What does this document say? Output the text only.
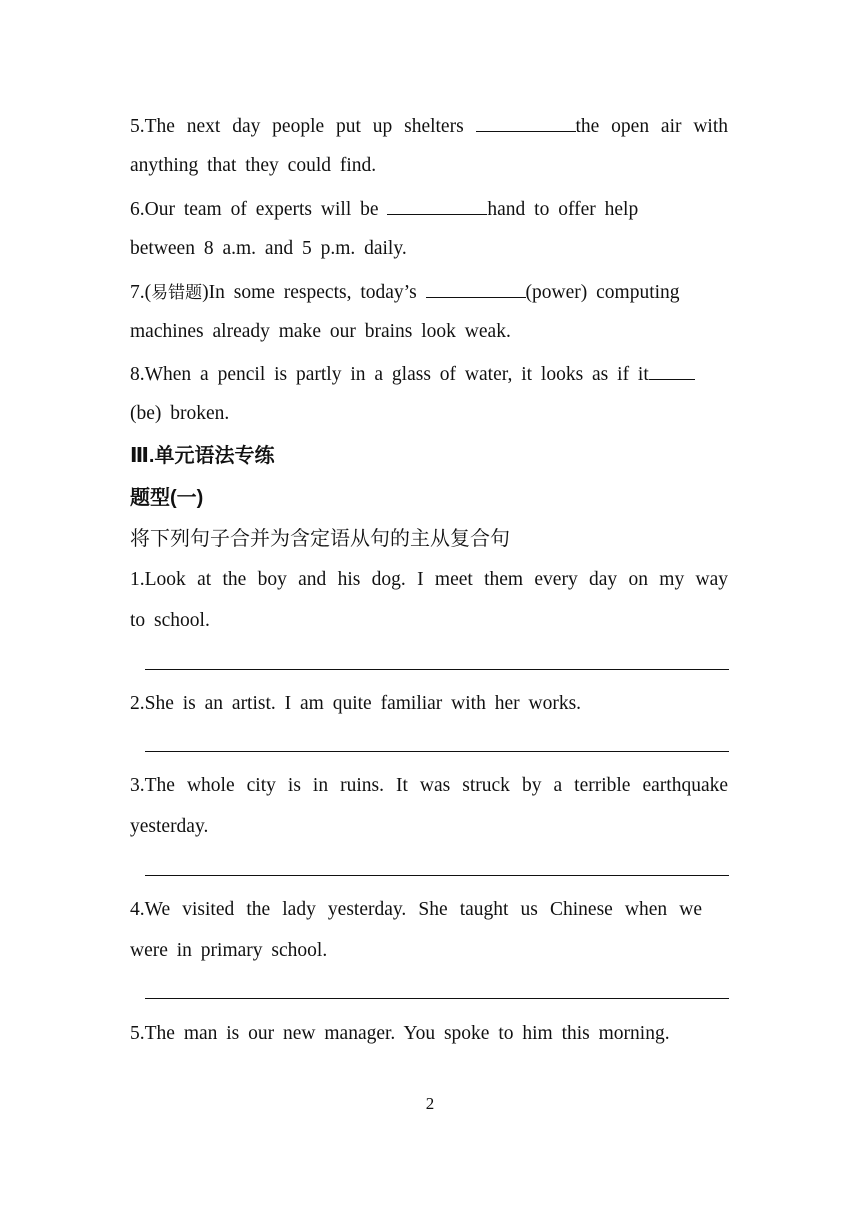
5.The next day people put up shelters	the open air with
anything that they could find.
6.Our team of experts will be	hand to offer help
between 8 a.m. and 5 p.m. daily.
7.(易错题)In some respects, today’s	(power) computing
machines already make our brains look weak.
8.When a pencil is partly in a glass of water, it looks as if it
(be) broken.
Ⅲ.单元语法专练
题型(一)
将下列句子合并为含定语从句的主从复合句
1.Look at the boy and his dog. I meet them every day on my way
to school.
2.She is an artist. I am quite familiar with her works.
3.The whole city is in ruins. It was struck by a terrible earthquake
yesterday.
4.We visited the lady yesterday. She taught us Chinese when we
were in primary school.
5.The man is our new manager. You spoke to him this morning.
2
